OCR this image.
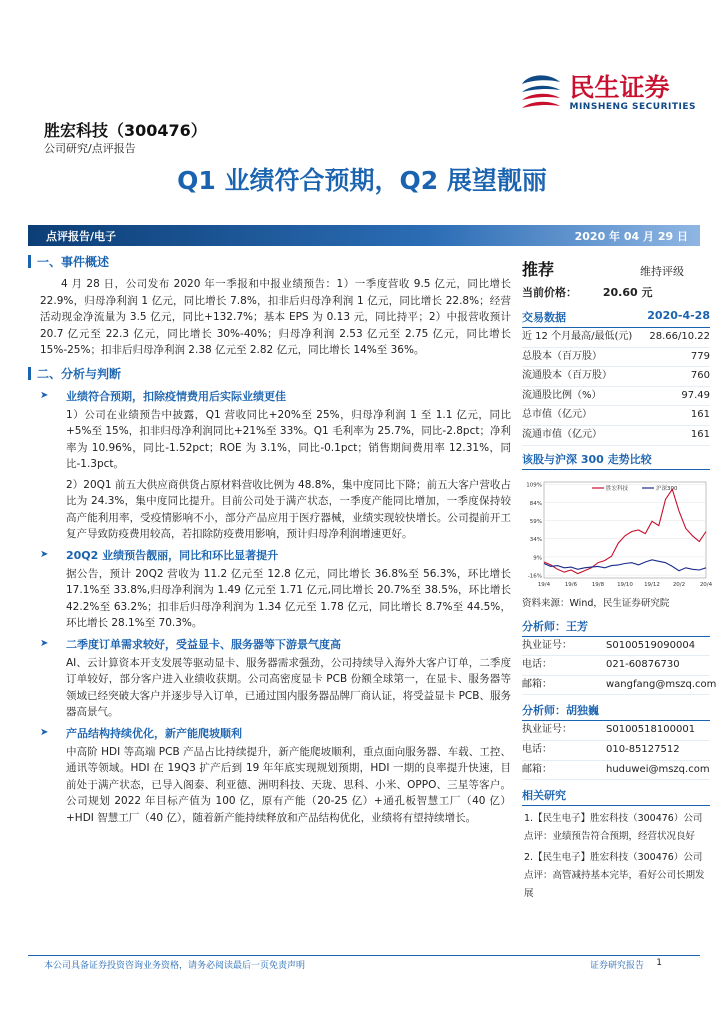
民生证券
MINSHENG SECURITIES
胜宏科技（300476）
公司研究/点评报告
Q1 业绩符合预期，Q2 展望靓丽
点评报告/电子	2020 年 04 月 29 日
一、事件概述
4 月 28 日，公司发布 2020 年一季报和中报业绩预告：1）一季度营收 9.5 亿元，同比增长 22.9%，归母净利润 1 亿元，同比增长 7.8%，扣非后归母净利润 1 亿元，同比增长 22.8%；经营活动现金净流量为 3.5 亿元，同比+132.7%；基本 EPS 为 0.13 元，同比持平；2）中报营收预计 20.7 亿元至 22.3 亿元，同比增长 30%-40%；归母净利润 2.53 亿元至 2.75 亿元，同比增长 15%-25%；扣非后归母净利润 2.38 亿元至 2.82 亿元，同比增长 14%至 36%。
二、分析与判断
➤	业绩符合预期，扣除疫情费用后实际业绩更佳
1）公司在业绩预告中披露，Q1 营收同比+20%至 25%，归母净利润 1 至 1.1 亿元，同比+5%至 15%，扣非归母净利润同比+21%至 33%。Q1 毛利率为 25.7%，同比-2.8pct；净利率为 10.96%，同比-1.52pct；ROE 为 3.1%，同比-0.1pct；销售期间费用率 12.31%，同比-1.3pct。
2）20Q1 前五大供应商供货占原材料营收比例为 48.8%，集中度同比下降；前五大客户营收占比为 24.3%，集中度同比提升。目前公司处于满产状态，一季度产能同比增加，一季度保持较高产能利用率，受疫情影响不小，部分产品应用于医疗器械，业绩实现较快增长。公司提前开工复产导致防疫费用较高，若扣除防疫费用影响，预计归母净利润增速更好。
➤	20Q2 业绩预告靓丽，同比和环比显著提升
据公告，预计 20Q2 营收为 11.2 亿元至 12.8 亿元，同比增长 36.8%至 56.3%，环比增长 17.1%至 33.8%,归母净利润为 1.49 亿元至 1.71 亿元,同比增长 20.7%至 38.5%，环比增长 42.2%至 63.2%；扣非后归母净利润为 1.34 亿元至 1.78 亿元，同比增长 8.7%至 44.5%，环比增长 28.1%至 70.3%。
➤	二季度订单需求较好，受益显卡、服务器等下游景气度高
AI、云计算资本开支发展等驱动显卡、服务器需求强劲，公司持续导入海外大客户订单，二季度订单较好，部分客户进入业绩收获期。公司高密度显卡 PCB 份额全球第一，在显卡、服务器等领域已经突破大客户并逐步导入订单，已通过国内服务器品牌厂商认证，将受益显卡 PCB、服务器高景气。
➤	产品结构持续优化，新产能爬坡顺利
中高阶 HDI 等高端 PCB 产品占比持续提升，新产能爬坡顺利，重点面向服务器、车载、工控、通讯等领域。HDI 在 19Q3 扩产后到 19 年年底实现规划预期，HDI 一期的良率提升快速，目前处于满产状态，已导入阁泰、利亚德、洲明科技、天珑、思科、小米、OPPO、三星等客户。公司规划 2022 年目标产值为 100 亿，原有产能（20-25 亿）+通孔板智慧工厂（40 亿）+HDI 智慧工厂（40 亿），随着新产能持续释放和产品结构优化，业绩将有望持续增长。
推荐	维持评级
当前价格： 20.60 元
交易数据	2020-4-28
近 12 个月最高/最低(元) 28.66/10.22
总股本（百万股）	779
流通股本（百万股）	760
流通股比例（%）	97.49
总市值（亿元）	161
流通市值（亿元）	161
该股与沪深 300 走势比较
109%
84%
59%
34%
9%
-16%
19/4	19/6	19/8 19/10 19/12 20/2	20/4
胜宏科技	沪深300
资料来源：Wind，民生证券研究院
分析师：王芳
执业证号：	S0100519090004
电话：	021-60876730
邮箱：	wangfang@mszq.com
分析师：胡独巍
执业证号：	S0100518100001
电话：	010-85127512
邮箱：	huduwei@mszq.com
相关研究
1.【民生电子】胜宏科技（300476）公司点评：业绩预告符合预期，经营状况良好
2.【民生电子】胜宏科技（300476）公司点评：高管减持基本完毕，看好公司长期发展
本公司具备证券投资咨询业务资格，请务必阅读最后一页免责声明	证券研究报告 1
